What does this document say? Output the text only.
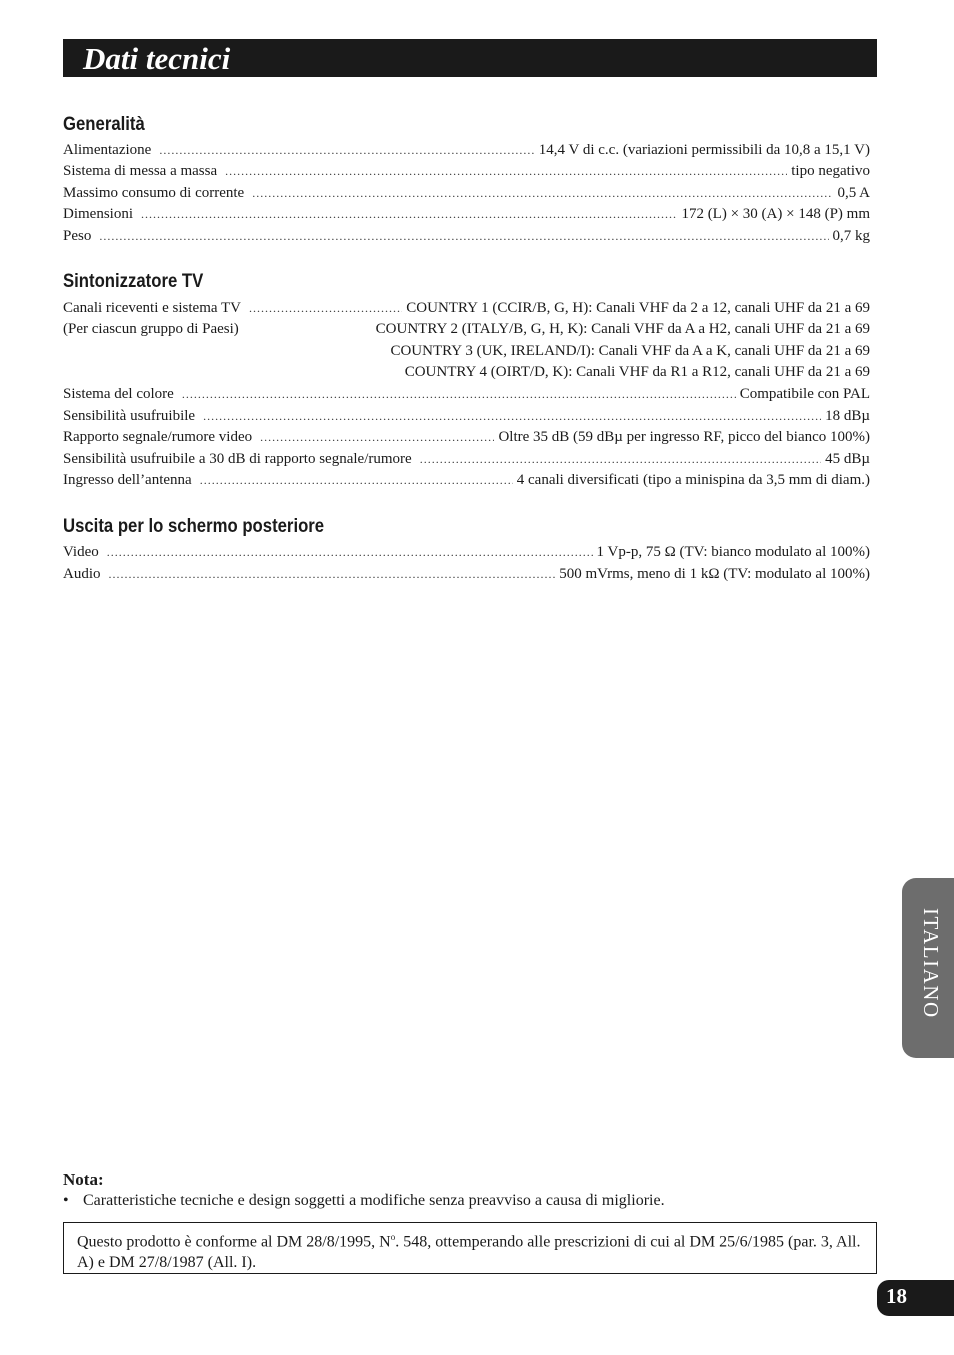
Dati tecnici
Generalità
Alimentazione .....	14,4 V di c.c. (variazioni permissibili da 10,8 a 15,1 V)
Sistema di messa a massa .....	tipo negativo
Massimo consumo di corrente .....	0,5 A
Dimensioni .....	172 (L) × 30 (A) × 148 (P) mm
Peso .....	0,7 kg
Sintonizzatore TV
Canali riceventi e sistema TV .....	COUNTRY 1 (CCIR/B, G, H): Canali VHF da 2 a 12, canali UHF da 21 a 69
(Per ciascun gruppo di Paesi)	COUNTRY 2 (ITALY/B, G, H, K): Canali VHF da A a H2, canali UHF da 21 a 69
COUNTRY 3 (UK, IRELAND/I): Canali VHF da A a K, canali UHF da 21 a 69
COUNTRY 4 (OIRT/D, K): Canali VHF da R1 a R12, canali UHF da 21 a 69
Sistema del colore .....	Compatibile con PAL
Sensibilità usufruibile .....	18 dBµ
Rapporto segnale/rumore video .....	Oltre 35 dB (59 dBµ per ingresso RF, picco del bianco 100%)
Sensibilità usufruibile a 30 dB di rapporto segnale/rumore .....	45 dBµ
Ingresso dell’antenna .....	4 canali diversificati (tipo a minispina da 3,5 mm di diam.)
Uscita per lo schermo posteriore
Video .....	1 Vp-p, 75 Ω (TV: bianco modulato al 100%)
Audio .....	500 mVrms, meno di 1 kΩ (TV: modulato al 100%)
ITALIANO
Nota:
• Caratteristiche tecniche e design soggetti a modifiche senza preavviso a causa di migliorie.
Questo prodotto è conforme al DM 28/8/1995, $N^o$. 548, ottemperando alle prescrizioni di cui al DM 25/6/1985 (par. 3, All. A) e DM 27/8/1987 (All. I).
18
